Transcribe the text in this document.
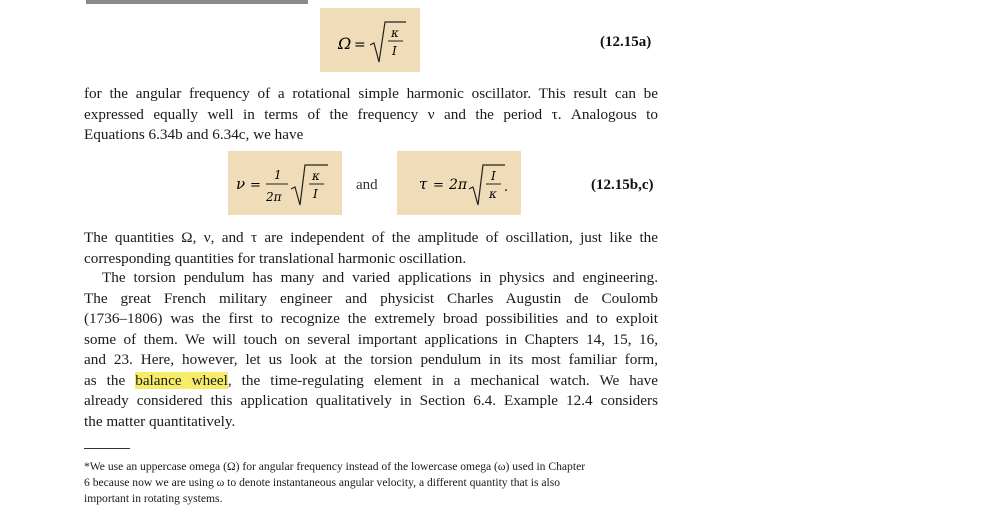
Ω =
κ
I
(12.15a)

for the angular frequency of a rotational simple harmonic oscillator. This result can be
expressed equally well in terms of the frequency ν and the period τ. Analogous to
Equations 6.34b and 6.34c, we have

ν =
1
2π
κ
I
and	τ = 2π
I
κ .	(12.15b,c)

The quantities Ω, ν, and τ are independent of the amplitude of oscillation, just like the
corresponding quantities for translational harmonic oscillation.

The torsion pendulum has many and varied applications in physics and engineering.
The great French military engineer and physicist Charles Augustin de Coulomb
(1736–1806) was the first to recognize the extremely broad possibilities and to exploit
some of them. We will touch on several important applications in Chapters 14, 15, 16,
and 23. Here, however, let us look at the torsion pendulum in its most familiar form,
as the balance wheel, the time-regulating element in a mechanical watch. We have
already considered this application qualitatively in Section 6.4. Example 12.4 considers
the matter quantitatively.

*We use an uppercase omega (Ω) for angular frequency instead of the lowercase omega (ω) used in Chapter
6 because now we are using ω to denote instantaneous angular velocity, a different quantity that is also
important in rotating systems.
